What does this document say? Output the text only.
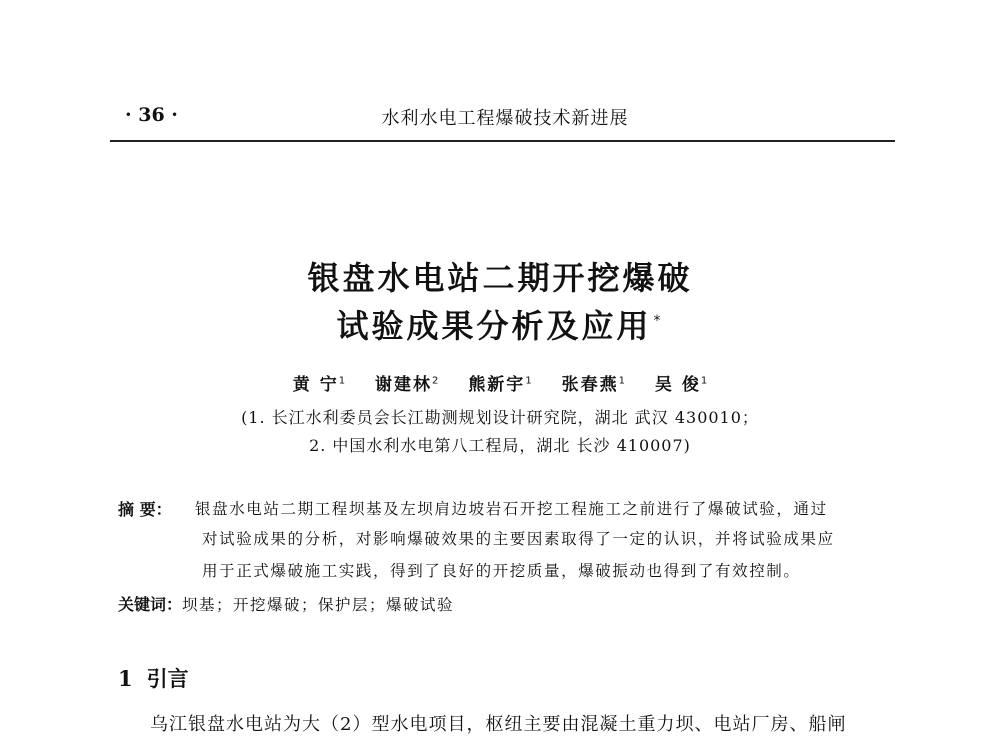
· 36 ·	水利水电工程爆破技术新进展
银盘水电站二期开挖爆破
试验成果分析及应用 *
黄 宁$^1$ 谢建林$^2$ 熊新宇$^1$ 张春燕$^1$ 吴 俊$^1$
(1. 长江水利委员会长江勘测规划设计研究院，湖北 武汉 430010；
2. 中国水利水电第八工程局，湖北 长沙 410007)
摘 要： 银盘水电站二期工程坝基及左坝肩边坡岩石开挖工程施工之前进行了爆破试验，通过
对试验成果的分析，对影响爆破效果的主要因素取得了一定的认识，并将试验成果应
用于正式爆破施工实践，得到了良好的开挖质量，爆破振动也得到了有效控制。
关键词：坝基；开挖爆破；保护层；爆破试验
1 引言
乌江银盘水电站为大（2）型水电项目，枢纽主要由混凝土重力坝、电站厂房、船闸
